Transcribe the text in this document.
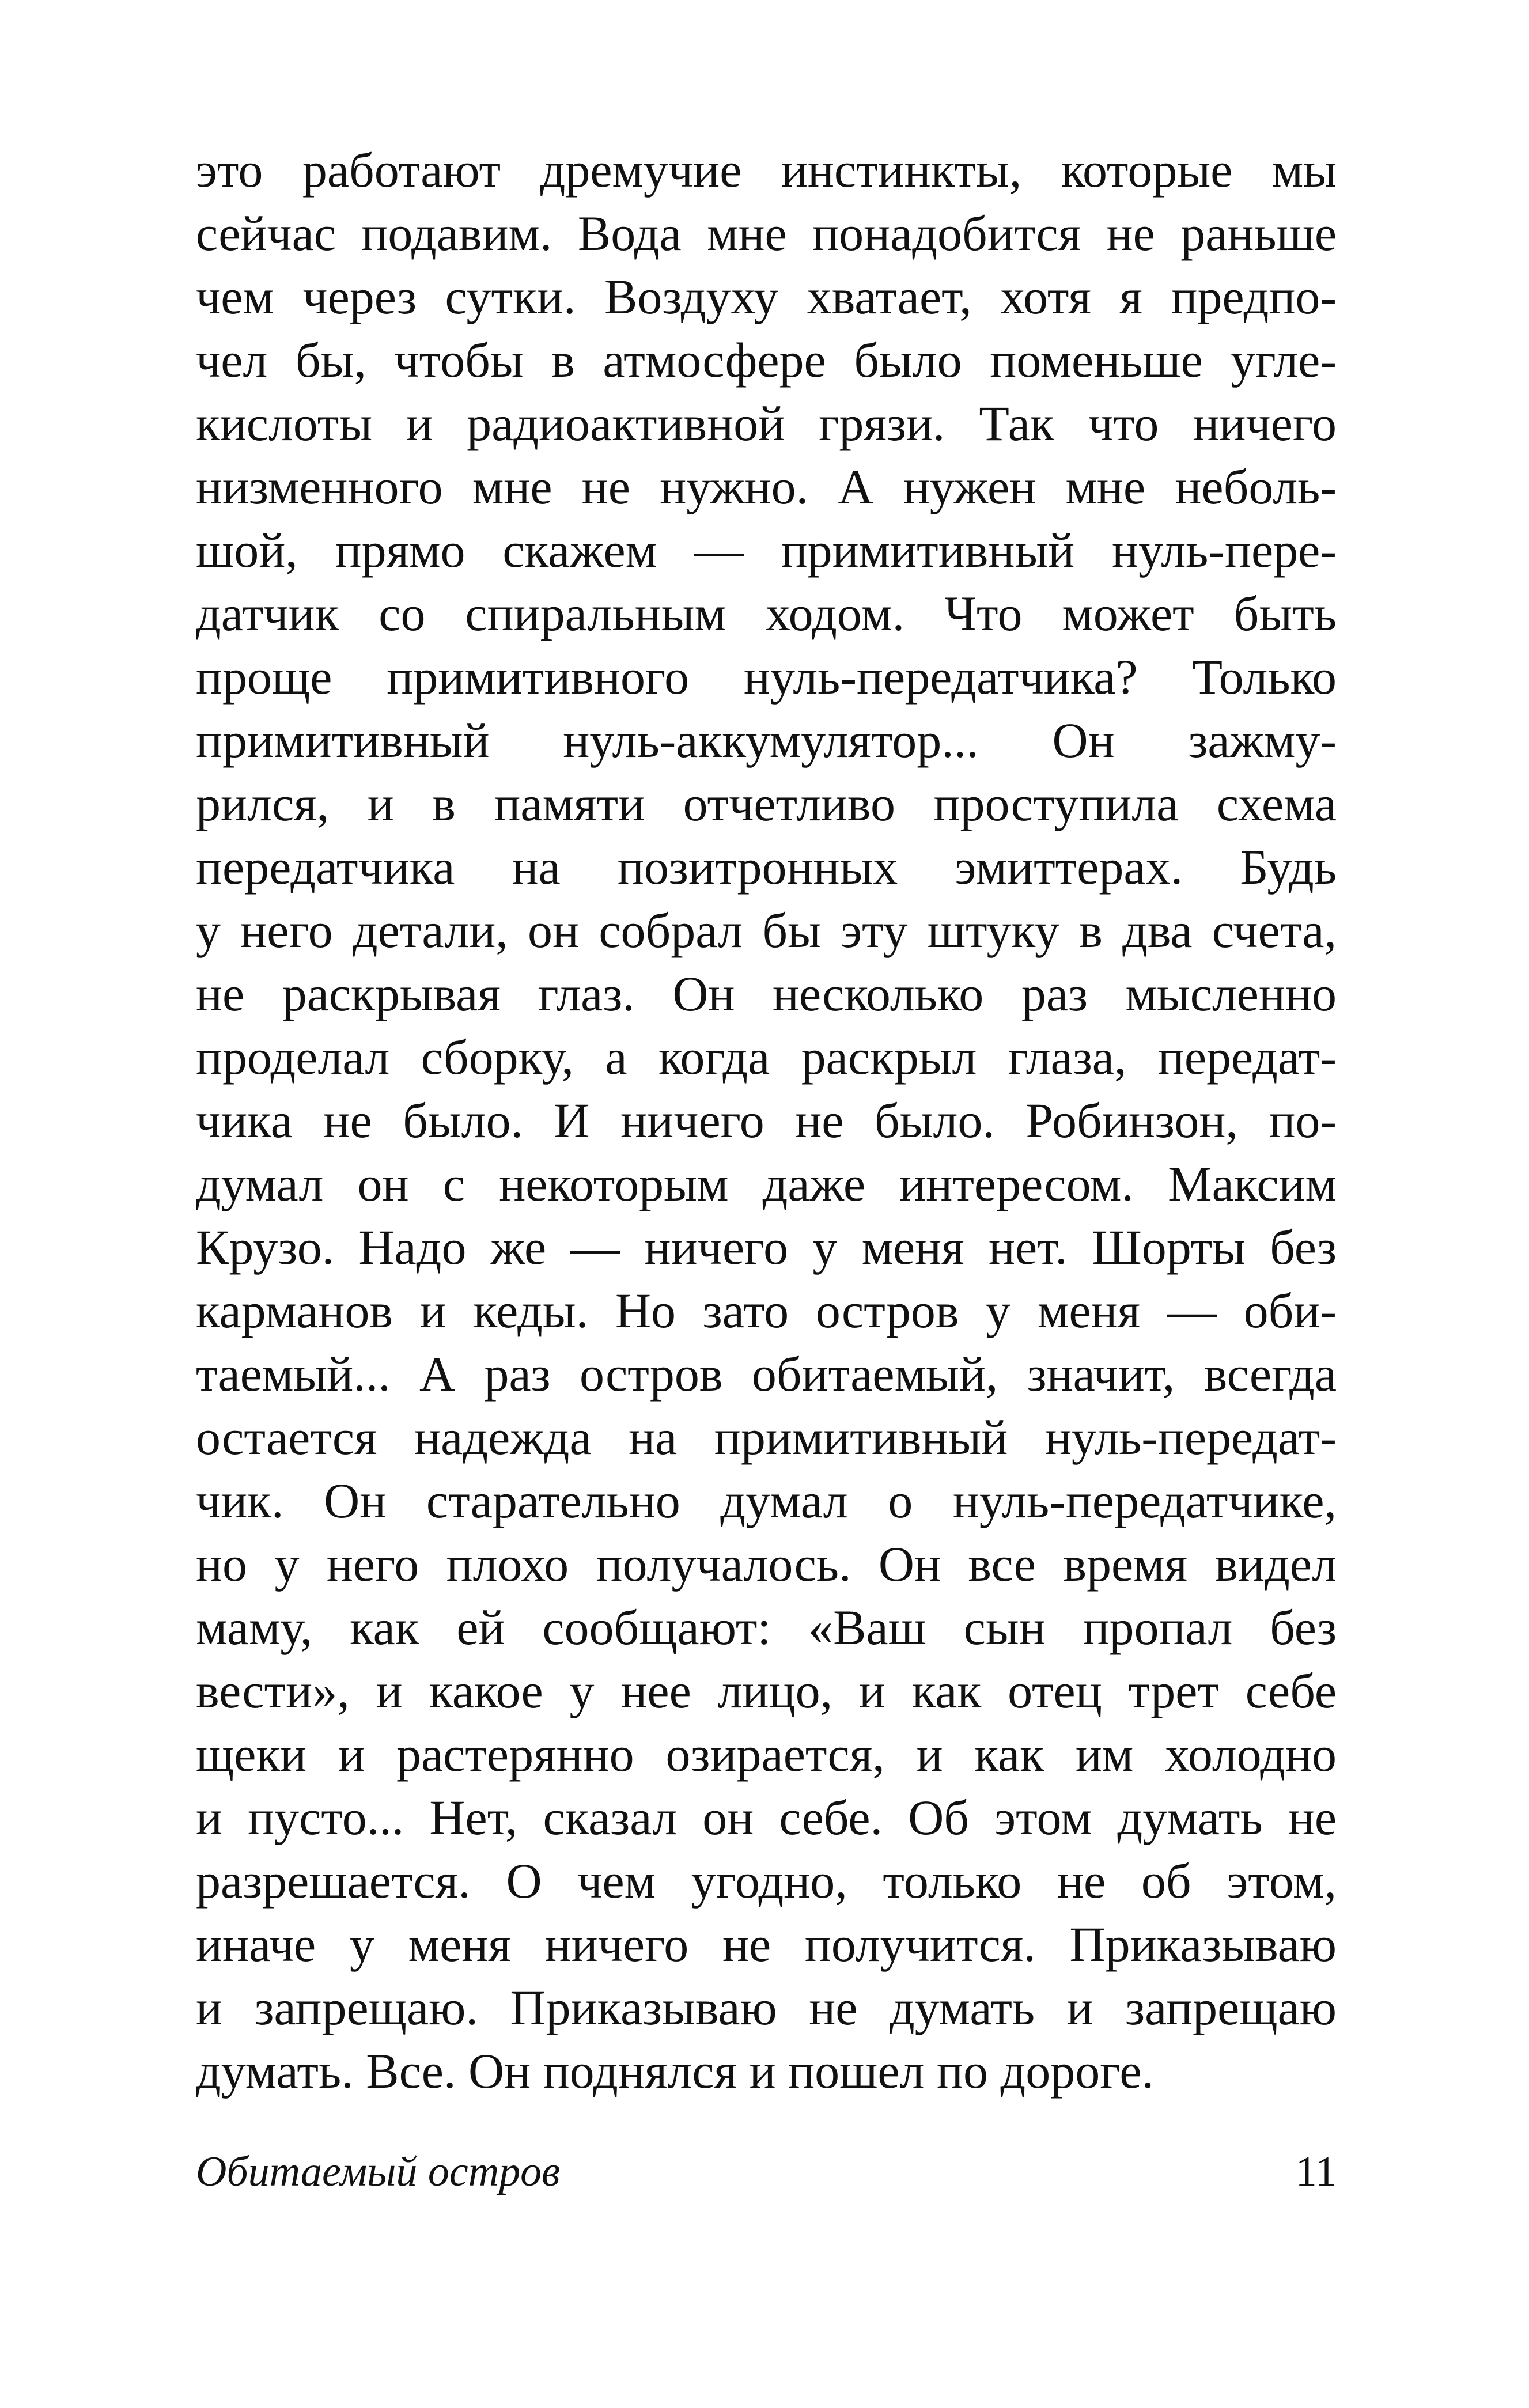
это работают дремучие инстинкты, которые мы
сейчас подавим. Вода мне понадобится не раньше
чем через сутки. Воздуху хватает, хотя я предпо-
чел бы, чтобы в атмосфере было поменьше угле-
кислоты и радиоактивной грязи. Так что ничего
низменного мне не нужно. А нужен мне неболь-
шой, прямо скажем — примитивный нуль-пере-
датчик со спиральным ходом. Что может быть
проще примитивного нуль-передатчика? Только
примитивный нуль-аккумулятор... Он зажму-
рился, и в памяти отчетливо проступила схема
передатчика на позитронных эмиттерах. Будь
у него детали, он собрал бы эту штуку в два счета,
не раскрывая глаз. Он несколько раз мысленно
проделал сборку, а когда раскрыл глаза, передат-
чика не было. И ничего не было. Робинзон, по-
думал он с некоторым даже интересом. Максим
Крузо. Надо же — ничего у меня нет. Шорты без
карманов и кеды. Но зато остров у меня — оби-
таемый... А раз остров обитаемый, значит, всегда
остается надежда на примитивный нуль-передат-
чик. Он старательно думал о нуль-передатчике,
но у него плохо получалось. Он все время видел
маму, как ей сообщают: «Ваш сын пропал без
вести», и какое у нее лицо, и как отец трет себе
щеки и растерянно озирается, и как им холодно
и пусто... Нет, сказал он себе. Об этом думать не
разрешается. О чем угодно, только не об этом,
иначе у меня ничего не получится. Приказываю
и запрещаю. Приказываю не думать и запрещаю
думать. Все. Он поднялся и пошел по дороге.
Обитаемый остров	11
